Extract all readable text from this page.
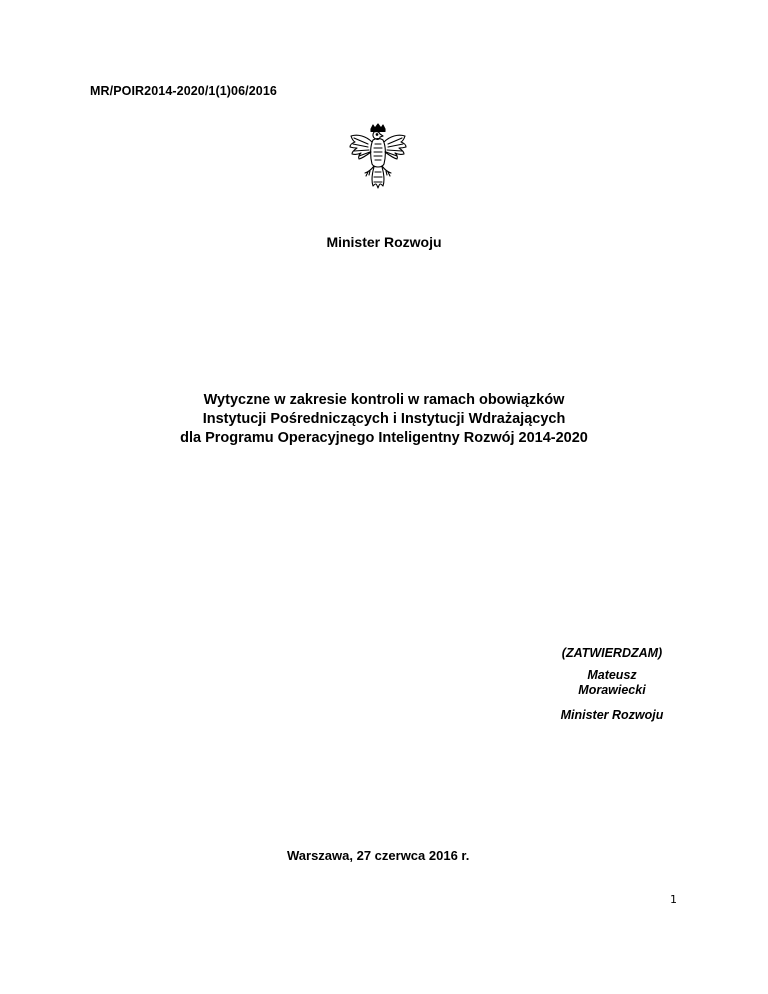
MR/POIR2014-2020/1(1)06/2016
Minister Rozwoju
Wytyczne w zakresie kontroli w ramach obowiązków
Instytucji Pośredniczących i Instytucji Wdrażających
dla Programu Operacyjnego Inteligentny Rozwój 2014-2020
(ZATWIERDZAM)
Mateusz
Morawiecki
Minister Rozwoju
Warszawa, 27 czerwca 2016 r.
1
